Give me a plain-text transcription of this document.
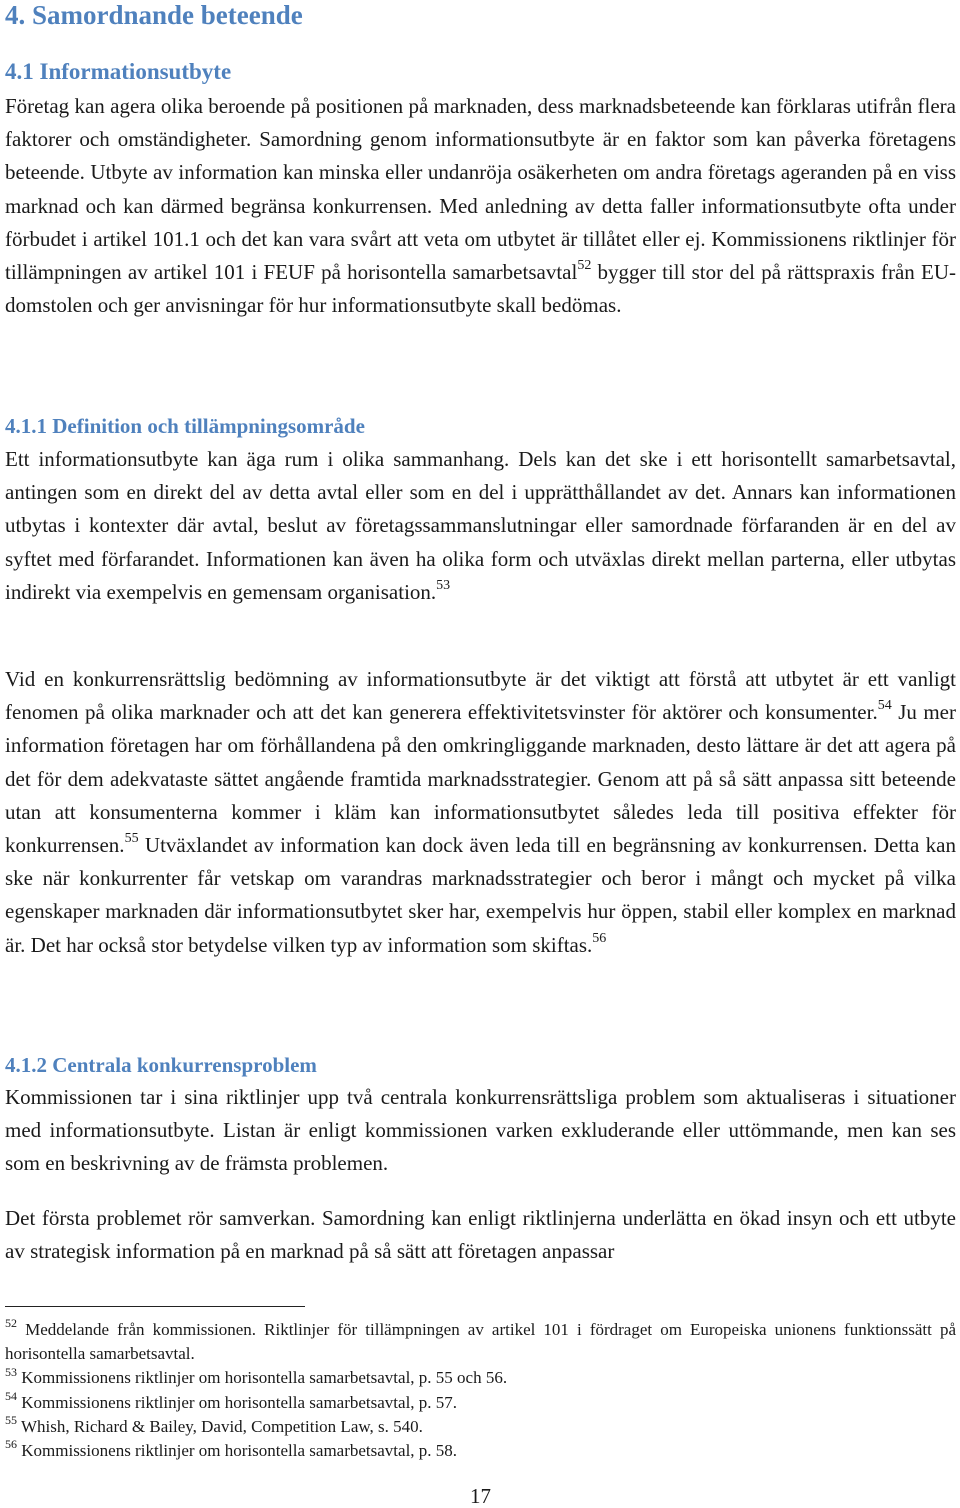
4. Samordnande beteende
4.1 Informationsutbyte

Företag kan agera olika beroende på positionen på marknaden, dess marknadsbeteende kan förklaras utifrån flera faktorer och omständigheter. Samordning genom informationsutbyte är en faktor som kan påverka företagens beteende. Utbyte av information kan minska eller undanröja osäkerheten om andra företags ageranden på en viss marknad och kan därmed begränsa konkurrensen. Med anledning av detta faller informationsutbyte ofta under förbudet i artikel 101.1 och det kan vara svårt att veta om utbytet är tillåtet eller ej. Kommissionens riktlinjer för tillämpningen av artikel 101 i FEUF på horisontella samarbetsavtal$^{52}$ bygger till stor del på rättspraxis från EU-domstolen och ger anvisningar för hur informationsutbyte skall bedömas.

4.1.1 Definition och tillämpningsområde

Ett informationsutbyte kan äga rum i olika sammanhang. Dels kan det ske i ett horisontellt samarbetsavtal, antingen som en direkt del av detta avtal eller som en del i upprätthållandet av det. Annars kan informationen utbytas i kontexter där avtal, beslut av företagssammanslutningar eller samordnade förfaranden är en del av syftet med förfarandet. Informationen kan även ha olika form och utväxlas direkt mellan parterna, eller utbytas indirekt via exempelvis en gemensam organisation.$^{53}$

Vid en konkurrensrättslig bedömning av informationsutbyte är det viktigt att förstå att utbytet är ett vanligt fenomen på olika marknader och att det kan generera effektivitetsvinster för aktörer och konsumenter.$^{54}$ Ju mer information företagen har om förhållandena på den omkringliggande marknaden, desto lättare är det att agera på det för dem adekvataste sättet angående framtida marknadsstrategier. Genom att på så sätt anpassa sitt beteende utan att konsumenterna kommer i kläm kan informationsutbytet således leda till positiva effekter för konkurrensen.$^{55}$ Utväxlandet av information kan dock även leda till en begränsning av konkurrensen. Detta kan ske när konkurrenter får vetskap om varandras marknadsstrategier och beror i mångt och mycket på vilka egenskaper marknaden där informationsutbytet sker har, exempelvis hur öppen, stabil eller komplex en marknad är. Det har också stor betydelse vilken typ av information som skiftas.$^{56}$

4.1.2 Centrala konkurrensproblem

Kommissionen tar i sina riktlinjer upp två centrala konkurrensrättsliga problem som aktualiseras i situationer med informationsutbyte. Listan är enligt kommissionen varken exkluderande eller uttömmande, men kan ses som en beskrivning av de främsta problemen.

Det första problemet rör samverkan. Samordning kan enligt riktlinjerna underlätta en ökad insyn och ett utbyte av strategisk information på en marknad på så sätt att företagen anpassar

$^{52}$ Meddelande från kommissionen. Riktlinjer för tillämpningen av artikel 101 i fördraget om Europeiska unionens funktionssätt på horisontella samarbetsavtal.

$^{53}$ Kommissionens riktlinjer om horisontella samarbetsavtal, p. 55 och 56.

$^{54}$ Kommissionens riktlinjer om horisontella samarbetsavtal, p. 57.

$^{55}$ Whish, Richard & Bailey, David, Competition Law, s. 540.

$^{56}$ Kommissionens riktlinjer om horisontella samarbetsavtal, p. 58.

17
